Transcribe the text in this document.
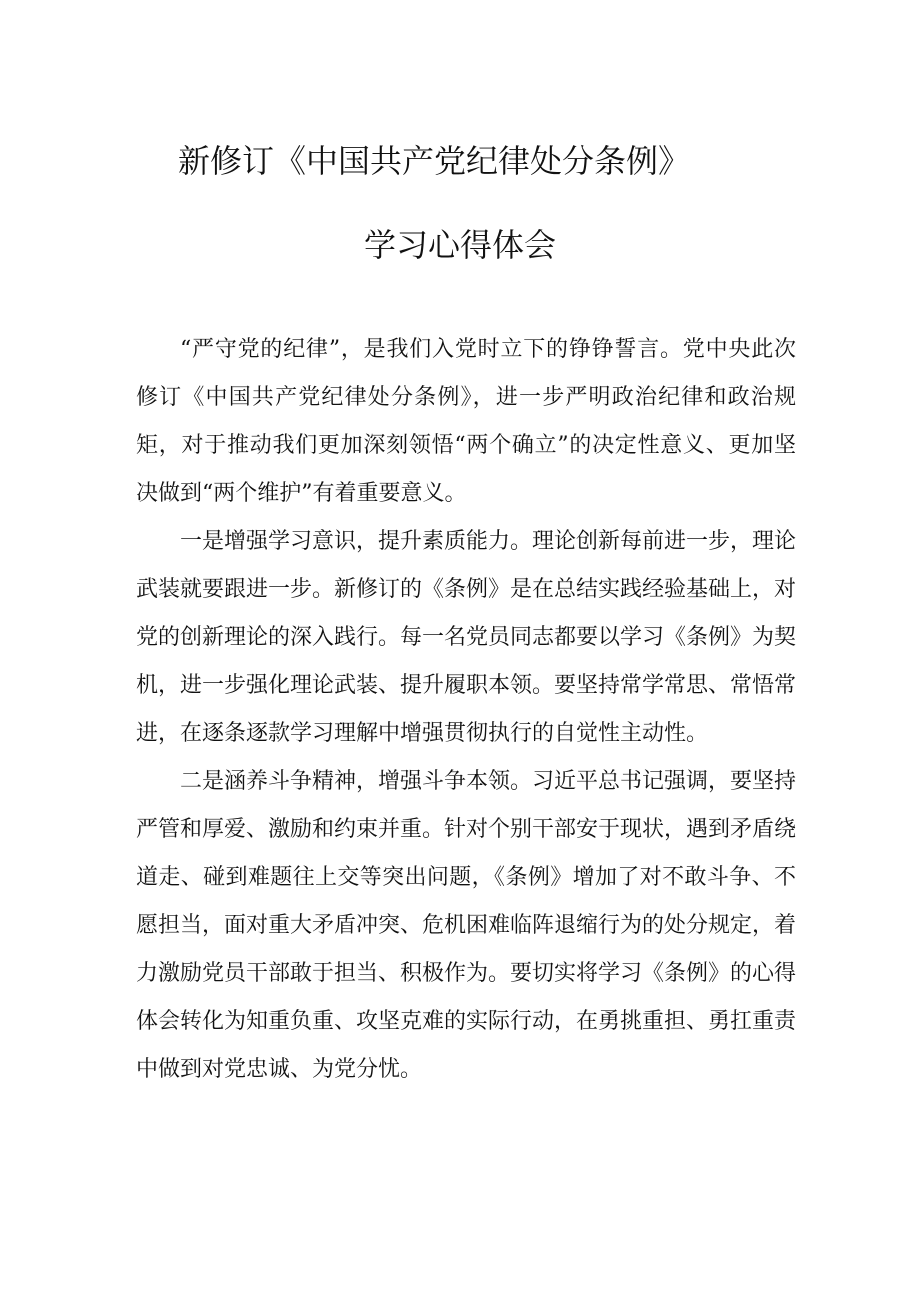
新修订《中国共产党纪律处分条例》
学习心得体会

“严守党的纪律”，是我们入党时立下的铮铮誓言。党中央此次修订《中国共产党纪律处分条例》，进一步严明政治纪律和政治规矩，对于推动我们更加深刻领悟“两个确立”的决定性意义、更加坚决做到“两个维护”有着重要意义。

一是增强学习意识，提升素质能力。理论创新每前进一步，理论武装就要跟进一步。新修订的《条例》是在总结实践经验基础上，对党的创新理论的深入践行。每一名党员同志都要以学习《条例》为契机，进一步强化理论武装、提升履职本领。要坚持常学常思、常悟常进，在逐条逐款学习理解中增强贯彻执行的自觉性主动性。

二是涵养斗争精神，增强斗争本领。习近平总书记强调，要坚持严管和厚爱、激励和约束并重。针对个别干部安于现状，遇到矛盾绕道走、碰到难题往上交等突出问题，《条例》增加了对不敢斗争、不愿担当，面对重大矛盾冲突、危机困难临阵退缩行为的处分规定，着力激励党员干部敢于担当、积极作为。要切实将学习《条例》的心得体会转化为知重负重、攻坚克难的实际行动，在勇挑重担、勇扛重责中做到对党忠诚、为党分忧。
